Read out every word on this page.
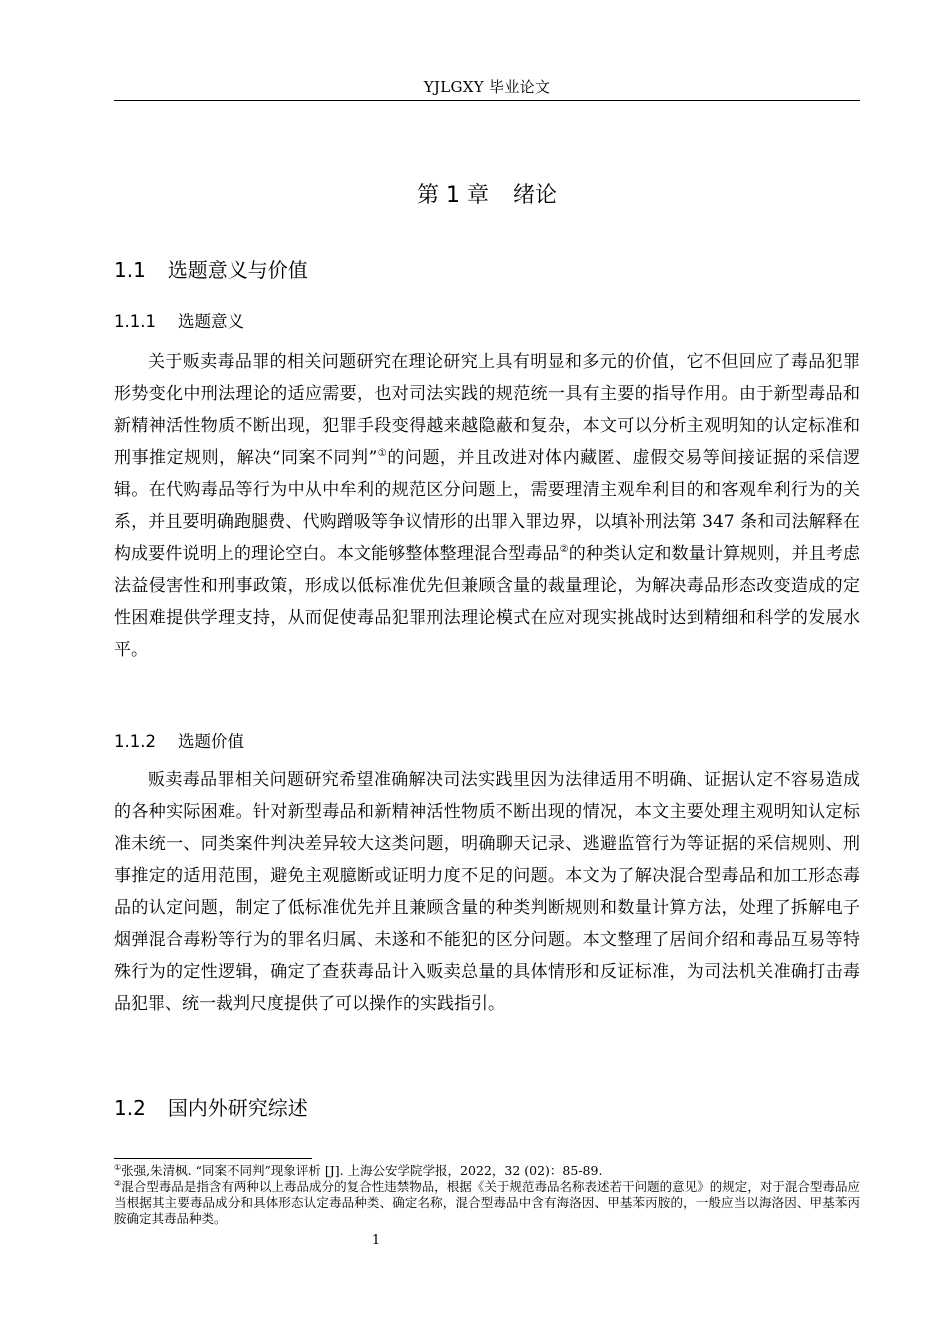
YJLGXY 毕业论文
第 1 章 绪论
1.1 选题意义与价值
1.1.1 选题意义

关于贩卖毒品罪的相关问题研究在理论研究上具有明显和多元的价值，它不但回应了毒品犯罪形势变化中刑法理论的适应需要，也对司法实践的规范统一具有主要的指导作用。由于新型毒品和新精神活性物质不断出现，犯罪手段变得越来越隐蔽和复杂，本文可以分析主观明知的认定标准和刑事推定规则，解决“同案不同判”①的问题，并且改进对体内藏匿、虚假交易等间接证据的采信逻辑。在代购毒品等行为中从中牟利的规范区分问题上，需要理清主观牟利目的和客观牟利行为的关系，并且要明确跑腿费、代购蹭吸等争议情形的出罪入罪边界，以填补刑法第 347 条和司法解释在构成要件说明上的理论空白。本文能够整体整理混合型毒品②的种类认定和数量计算规则，并且考虑法益侵害性和刑事政策，形成以低标准优先但兼顾含量的裁量理论，为解决毒品形态改变造成的定性困难提供学理支持，从而促使毒品犯罪刑法理论模式在应对现实挑战时达到精细和科学的发展水平。

1.1.2 选题价值

贩卖毒品罪相关问题研究希望准确解决司法实践里因为法律适用不明确、证据认定不容易造成的各种实际困难。针对新型毒品和新精神活性物质不断出现的情况，本文主要处理主观明知认定标准未统一、同类案件判决差异较大这类问题，明确聊天记录、逃避监管行为等证据的采信规则、刑事推定的适用范围，避免主观臆断或证明力度不足的问题。本文为了解决混合型毒品和加工形态毒品的认定问题，制定了低标准优先并且兼顾含量的种类判断规则和数量计算方法，处理了拆解电子烟弹混合毒粉等行为的罪名归属、未遂和不能犯的区分问题。本文整理了居间介绍和毒品互易等特殊行为的定性逻辑，确定了查获毒品计入贩卖总量的具体情形和反证标准，为司法机关准确打击毒品犯罪、统一裁判尺度提供了可以操作的实践指引。

1.2 国内外研究综述

①张强,朱清枫. “同案不同判”现象评析 [J]. 上海公安学院学报，2022，32 (02)：85-89.

②混合型毒品是指含有两种以上毒品成分的复合性违禁物品，根据《关于规范毒品名称表述若干问题的意见》的规定，对于混合型毒品应当根据其主要毒品成分和具体形态认定毒品种类、确定名称，混合型毒品中含有海洛因、甲基苯丙胺的，一般应当以海洛因、甲基苯丙胺确定其毒品种类。

1
